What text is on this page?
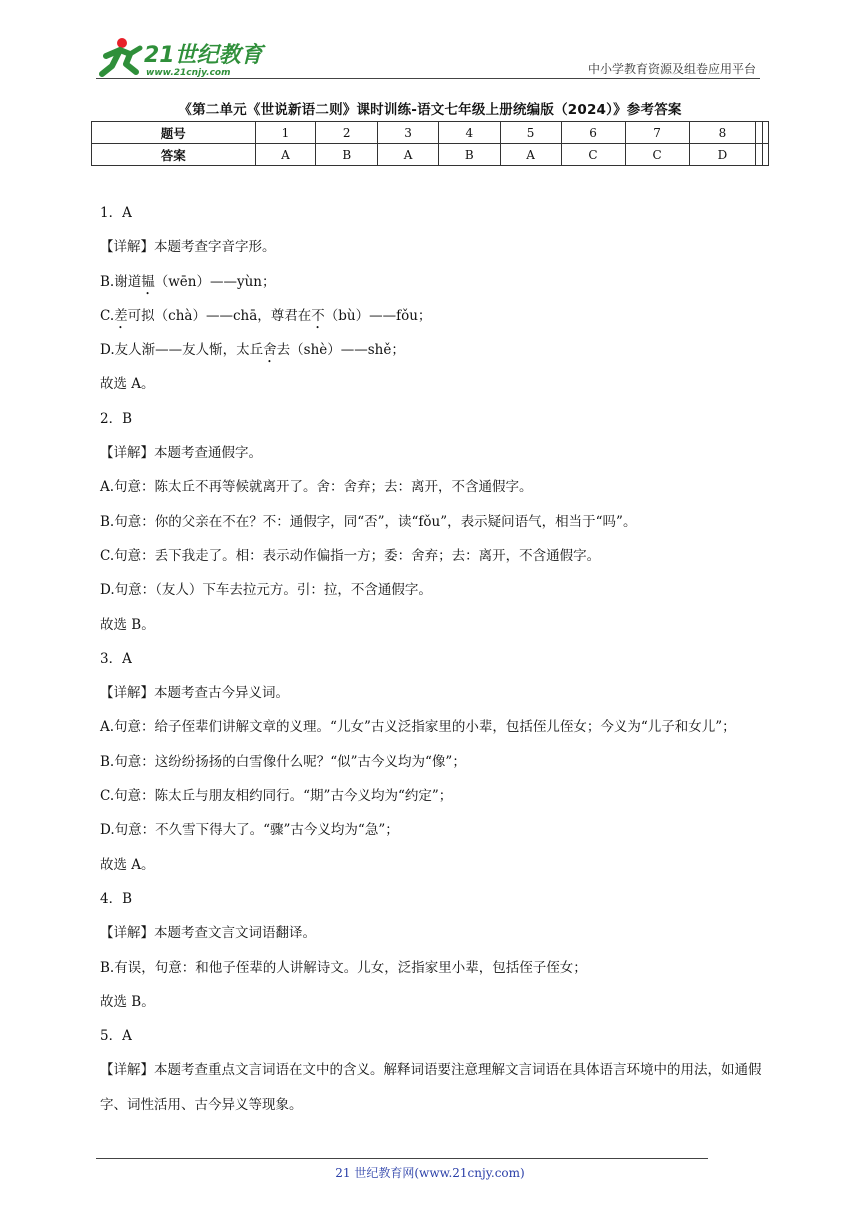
21世纪教育
www.21cnjy.com	中小学教育资源及组卷应用平台
《第二单元《世说新语二则》课时训练-语文七年级上册统编版（2024）》参考答案
题号	1	2	3	4	5	6	7	8		
答案	A	B	A	B	A	C	C	D		

1．A

【详解】本题考查字音字形。

B.谢道韫（wēn）——yùn；

C.差可拟（chà）——chā，尊君在不（bù）——fǒu；

D.友人渐——友人惭，太丘舍去（shè）——shě；

故选 A。

2．B

【详解】本题考查通假字。

A.句意：陈太丘不再等候就离开了。舍：舍弃；去：离开，不含通假字。

B.句意：你的父亲在不在？不：通假字，同“否”，读“fǒu”，表示疑问语气，相当于“吗”。

C.句意：丢下我走了。相：表示动作偏指一方；委：舍弃；去：离开，不含通假字。

D.句意：（友人）下车去拉元方。引：拉，不含通假字。

故选 B。

3．A

【详解】本题考查古今异义词。

A.句意：给子侄辈们讲解文章的义理。“儿女”古义泛指家里的小辈，包括侄儿侄女；今义为“儿子和女儿”；

B.句意：这纷纷扬扬的白雪像什么呢？“似”古今义均为“像”；

C.句意：陈太丘与朋友相约同行。“期”古今义均为“约定”；

D.句意：不久雪下得大了。“骤”古今义均为“急”；

故选 A。

4．B

【详解】本题考查文言文词语翻译。

B.有误，句意：和他子侄辈的人讲解诗文。儿女，泛指家里小辈，包括侄子侄女；

故选 B。

5．A

【详解】本题考查重点文言词语在文中的含义。解释词语要注意理解文言词语在具体语言环境中的用法，如通假字、词性活用、古今异义等现象。

21 世纪教育网(www.21cnjy.com)
